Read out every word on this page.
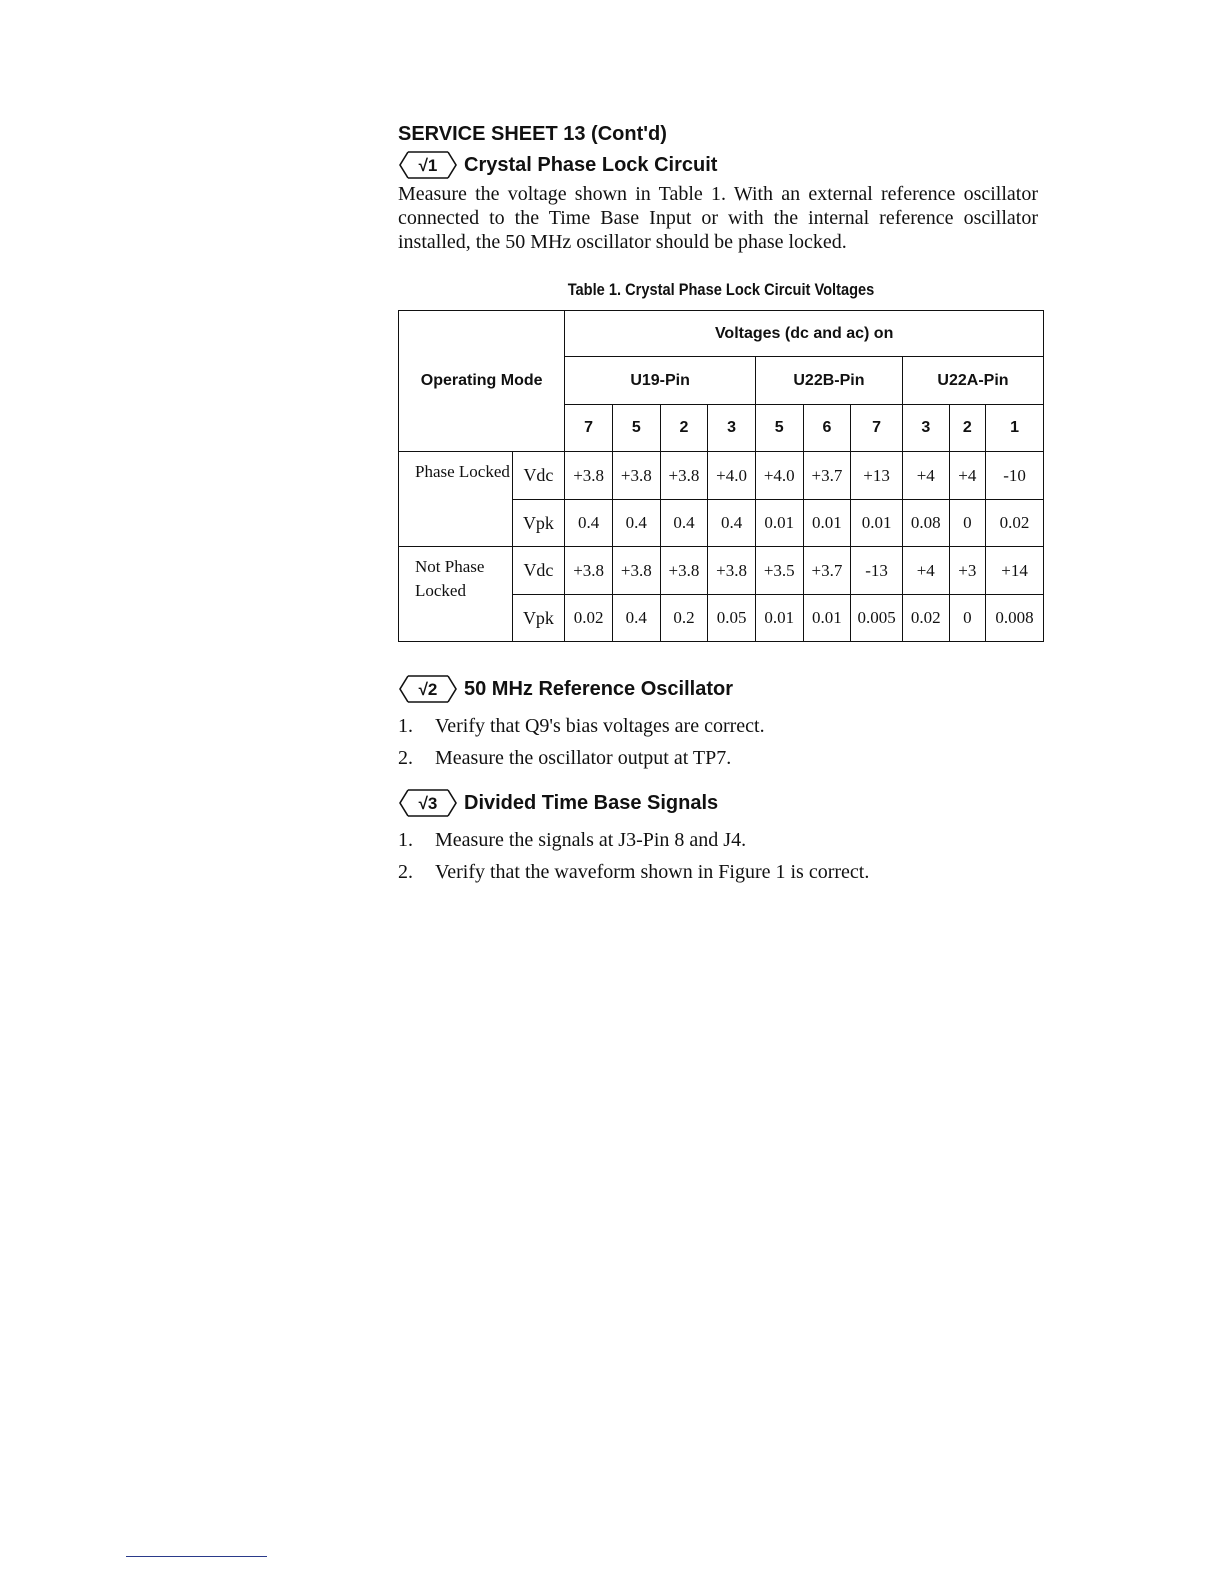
SERVICE SHEET 13 (Cont'd)
√1 Crystal Phase Lock Circuit

Measure the voltage shown in Table 1. With an external reference oscillator connected to the Time Base Input or with the internal reference oscillator installed, the 50 MHz oscillator should be phase locked.

Table 1. Crystal Phase Lock Circuit Voltages
Operating Mode		Voltages (dc and ac) on									
		U19-Pin				U22B-Pin			U22A-Pin		
		7	5	2	3	5	6	7	3	2	1
Phase Locked	Vdc	+3.8	+3.8	+3.8	+4.0	+4.0	+3.7	+13	+4	+4	-10
	Vpk	0.4	0.4	0.4	0.4	0.01	0.01	0.01	0.08	0	0.02
Not Phase Locked	Vdc	+3.8	+3.8	+3.8	+3.8	+3.5	+3.7	-13	+4	+3	+14
	Vpk	0.02	0.4	0.2	0.05	0.01	0.01	0.005	0.02	0	0.008
√2 50 MHz Reference Oscillator
1.	Verify that Q9's bias voltages are correct.
2.	Measure the oscillator output at TP7.
√3 Divided Time Base Signals
1.	Measure the signals at J3-Pin 8 and J4.
2.	Verify that the waveform shown in Figure 1 is correct.
